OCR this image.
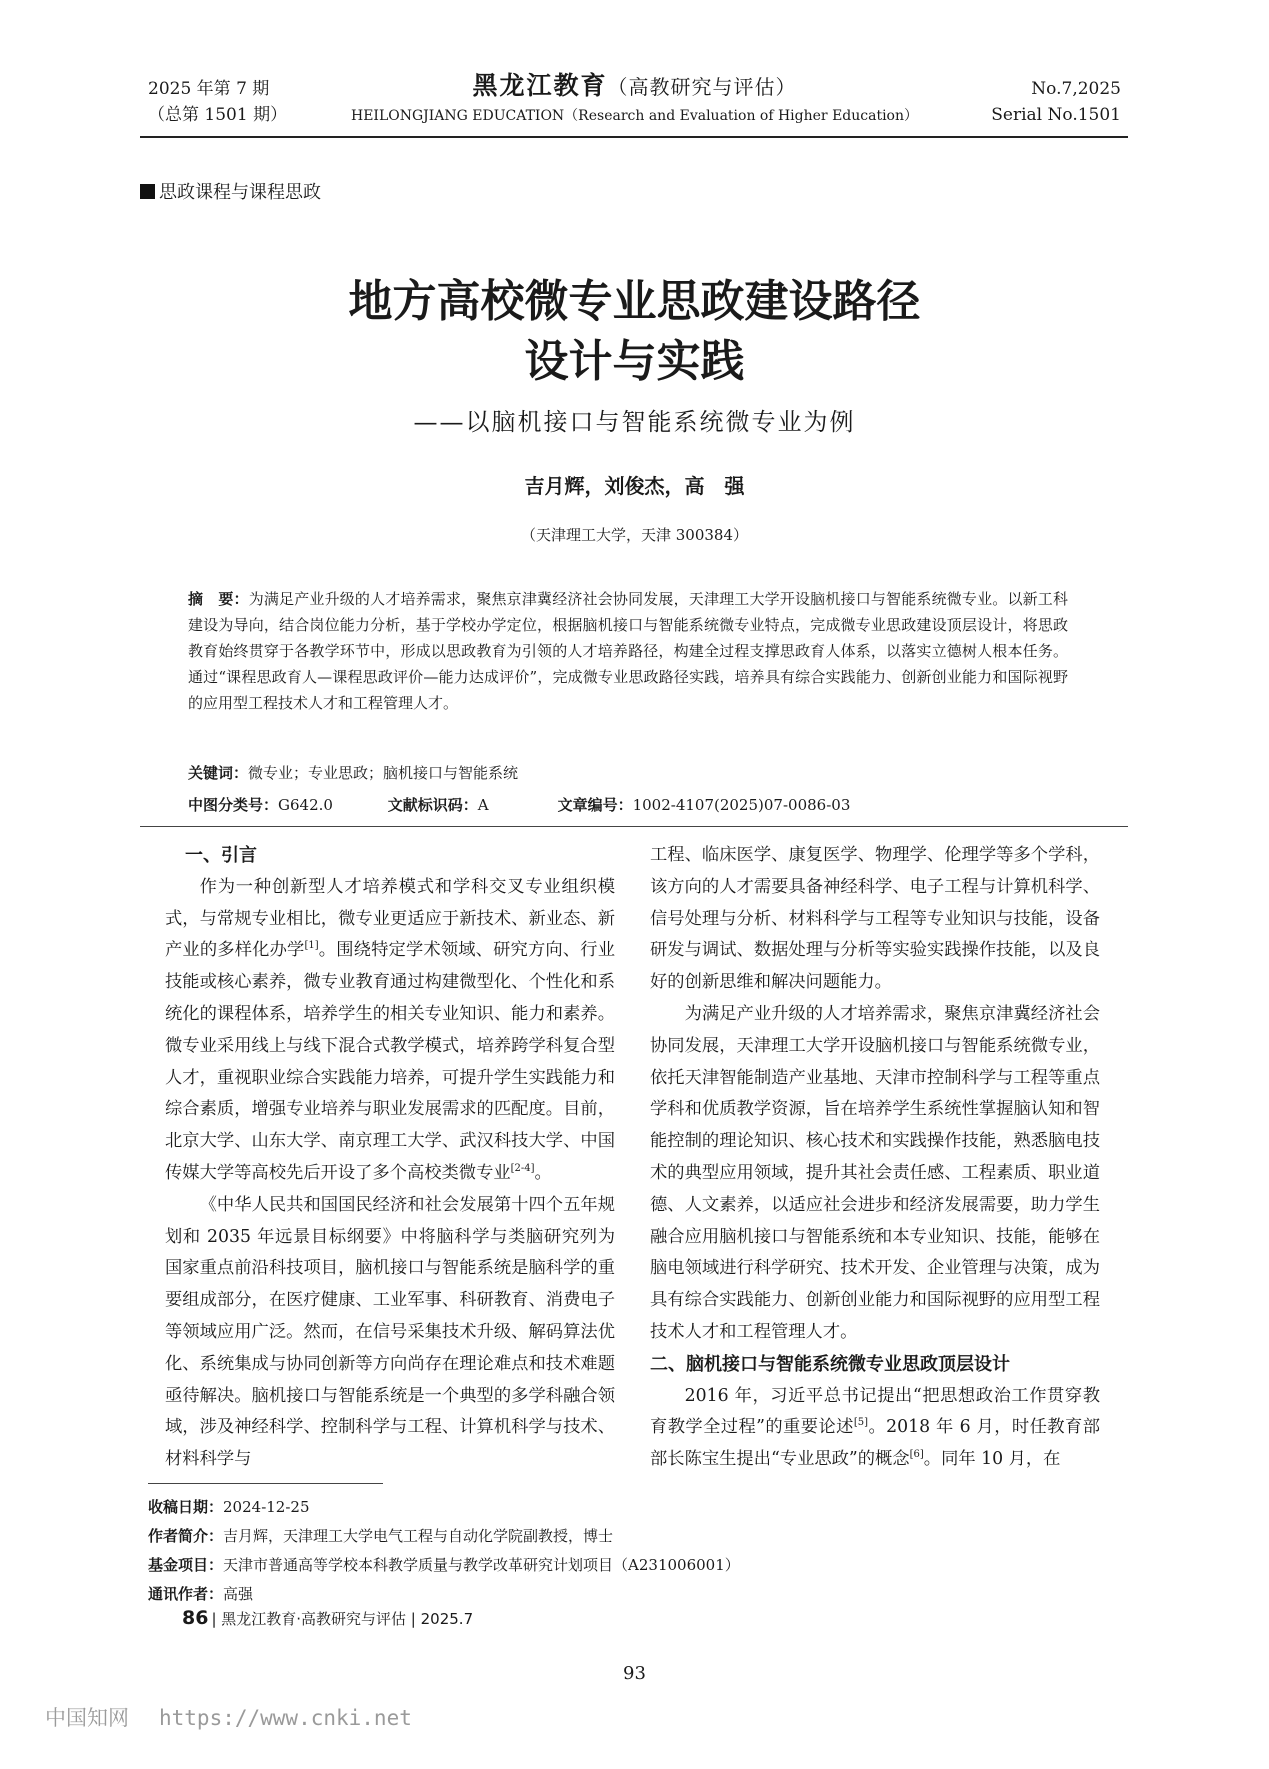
2025 年第 7 期
（总第 1501 期）
黑龙江教育（高教研究与评估）
HEILONGJIANG EDUCATION（Research and Evaluation of Higher Education）
No.7,2025
Serial No.1501
思政课程与课程思政
地方高校微专业思政建设路径
设计与实践
——以脑机接口与智能系统微专业为例
吉月辉，刘俊杰，高　强
（天津理工大学，天津 300384）
摘　要：为满足产业升级的人才培养需求，聚焦京津冀经济社会协同发展，天津理工大学开设脑机接口与智能系统微专业。以新工科建设为导向，结合岗位能力分析，基于学校办学定位，根据脑机接口与智能系统微专业特点，完成微专业思政建设顶层设计，将思政教育始终贯穿于各教学环节中，形成以思政教育为引领的人才培养路径，构建全过程支撑思政育人体系，以落实立德树人根本任务。通过“课程思政育人—课程思政评价—能力达成评价”，完成微专业思政路径实践，培养具有综合实践能力、创新创业能力和国际视野的应用型工程技术人才和工程管理人才。
关键词：微专业；专业思政；脑机接口与智能系统
中图分类号：G642.0	文献标识码：A	文章编号：1002-4107(2025)07-0086-03
一、引言

作为一种创新型人才培养模式和学科交叉专业组织模式，与常规专业相比，微专业更适应于新技术、新业态、新产业的多样化办学[1]。围绕特定学术领域、研究方向、行业技能或核心素养，微专业教育通过构建微型化、个性化和系统化的课程体系，培养学生的相关专业知识、能力和素养。微专业采用线上与线下混合式教学模式，培养跨学科复合型人才，重视职业综合实践能力培养，可提升学生实践能力和综合素质，增强专业培养与职业发展需求的匹配度。目前，北京大学、山东大学、南京理工大学、武汉科技大学、中国传媒大学等高校先后开设了多个高校类微专业[2-4]。

《中华人民共和国国民经济和社会发展第十四个五年规划和 2035 年远景目标纲要》中将脑科学与类脑研究列为国家重点前沿科技项目，脑机接口与智能系统是脑科学的重要组成部分，在医疗健康、工业军事、科研教育、消费电子等领域应用广泛。然而，在信号采集技术升级、解码算法优化、系统集成与协同创新等方向尚存在理论难点和技术难题亟待解决。脑机接口与智能系统是一个典型的多学科融合领域，涉及神经科学、控制科学与工程、计算机科学与技术、材料科学与

工程、临床医学、康复医学、物理学、伦理学等多个学科，该方向的人才需要具备神经科学、电子工程与计算机科学、信号处理与分析、材料科学与工程等专业知识与技能，设备研发与调试、数据处理与分析等实验实践操作技能，以及良好的创新思维和解决问题能力。

为满足产业升级的人才培养需求，聚焦京津冀经济社会协同发展，天津理工大学开设脑机接口与智能系统微专业，依托天津智能制造产业基地、天津市控制科学与工程等重点学科和优质教学资源，旨在培养学生系统性掌握脑认知和智能控制的理论知识、核心技术和实践操作技能，熟悉脑电技术的典型应用领域，提升其社会责任感、工程素质、职业道德、人文素养，以适应社会进步和经济发展需要，助力学生融合应用脑机接口与智能系统和本专业知识、技能，能够在脑电领域进行科学研究、技术开发、企业管理与决策，成为具有综合实践能力、创新创业能力和国际视野的应用型工程技术人才和工程管理人才。

二、脑机接口与智能系统微专业思政顶层设计

2016 年，习近平总书记提出“把思想政治工作贯穿教育教学全过程”的重要论述[5]。2018 年 6 月，时任教育部部长陈宝生提出“专业思政”的概念[6]。同年 10 月，在

收稿日期：2024-12-25
作者简介：吉月辉，天津理工大学电气工程与自动化学院副教授，博士
基金项目：天津市普通高等学校本科教学质量与教学改革研究计划项目（A231006001）
通讯作者：高强
86 | 黑龙江教育·高教研究与评估 | 2025.7
93
中国知网 https://www.cnki.net
